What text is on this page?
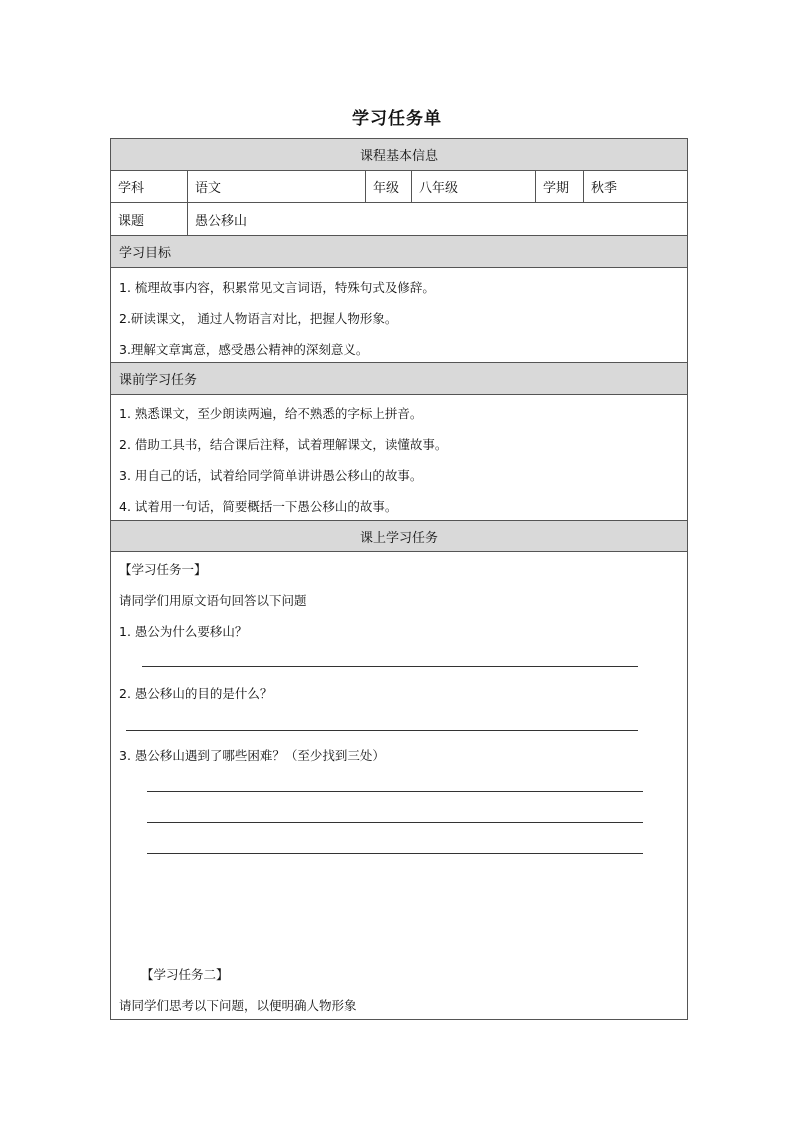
学习任务单
课程基本信息
学科	语文	年级	八年级	学期	秋季
课题	愚公移山
学习目标
1. 梳理故事内容，积累常见文言词语，特殊句式及修辞。
2.研读课文， 通过人物语言对比，把握人物形象。
3.理解文章寓意，感受愚公精神的深刻意义。
课前学习任务
1. 熟悉课文，至少朗读两遍，给不熟悉的字标上拼音。
2. 借助工具书，结合课后注释，试着理解课文，读懂故事。
3. 用自己的话，试着给同学简单讲讲愚公移山的故事。
4. 试着用一句话，简要概括一下愚公移山的故事。
课上学习任务
【学习任务一】
请同学们用原文语句回答以下问题
1. 愚公为什么要移山？
2. 愚公移山的目的是什么？
3. 愚公移山遇到了哪些困难？（至少找到三处）
【学习任务二】
请同学们思考以下问题，以便明确人物形象
